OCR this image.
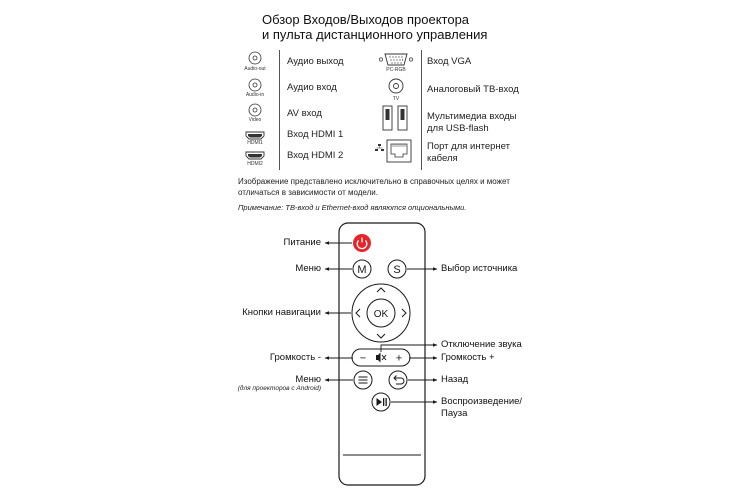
Обзор Входов/Выходов проектора
и пульта дистанционного управления
Audio-out
Audio-in
Video
HDMI1
HDMI2
Аудио выход
Аудио вход
AV вход
Вход HDMI 1
Вход HDMI 2
PC-RGB
TV
Вход VGA
Аналоговый ТВ-вход
Мультимедиа входы
для USB-flash
Порт для интернет
кабеля
Изображение представлено исключительно в справочных целях и может
отличаться в зависимости от модели.
Примечание: ТВ-вход и Ethernet-вход являются опциональными.
M S
OK
−	+
Питание
Меню
Кнопки навигации
Громкость -
Меню
(для проекторов с Android)
Выбор источника
Отключение звука
Громкость +
Назад
Воспроизведение/
Пауза
